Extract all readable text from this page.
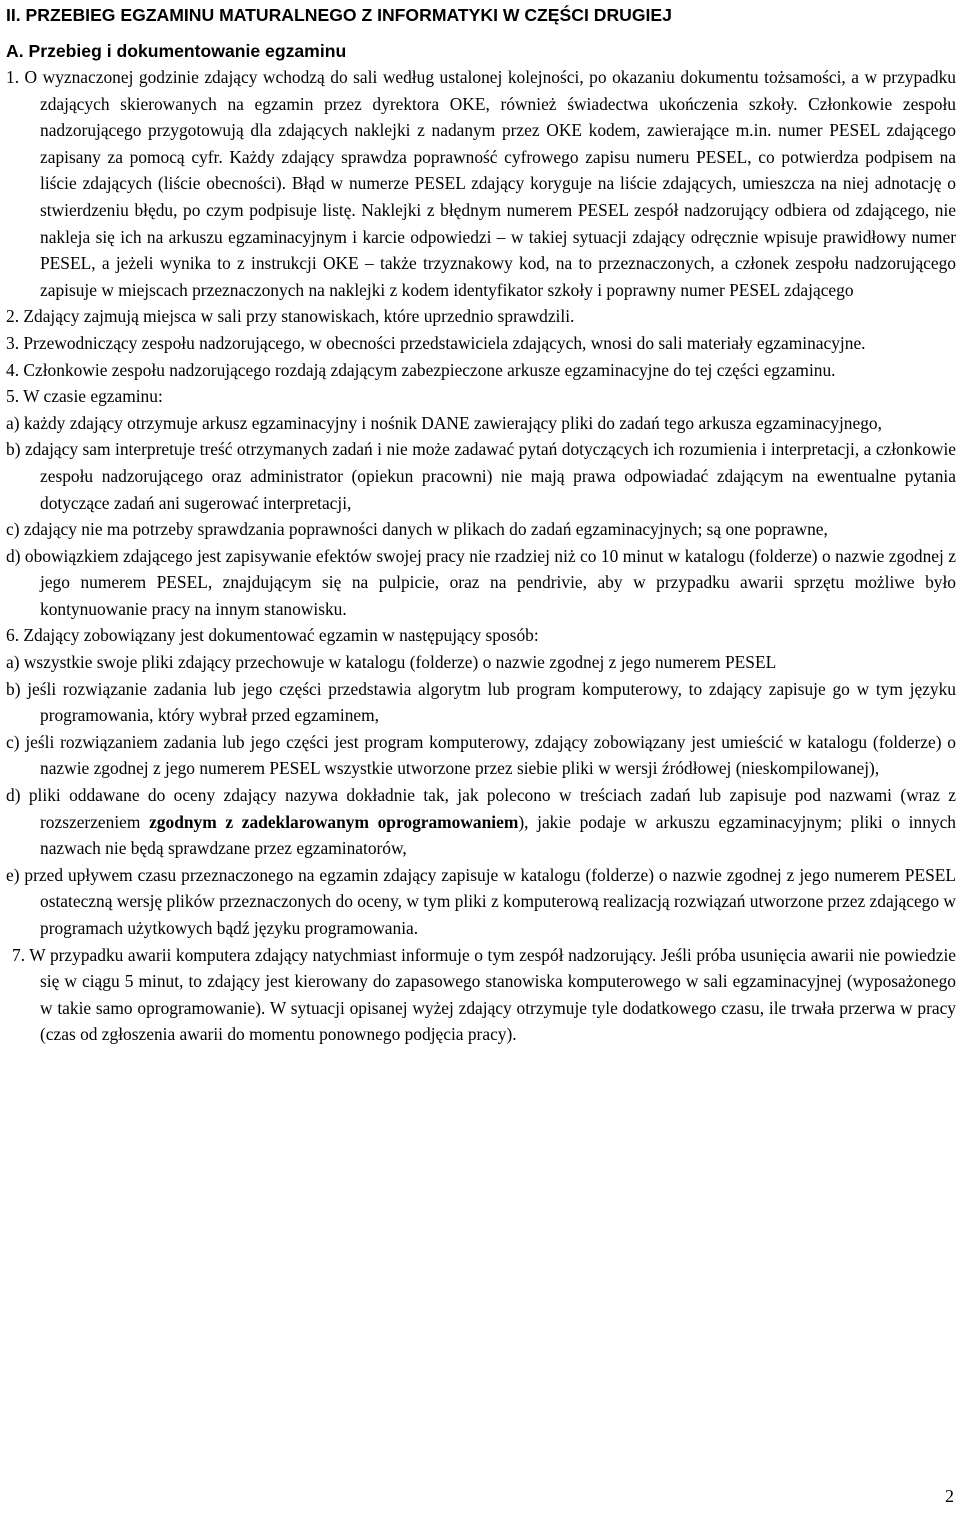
II. PRZEBIEG EGZAMINU MATURALNEGO Z INFORMATYKI W CZĘŚCI DRUGIEJ

A. Przebieg i dokumentowanie egzaminu

1. O wyznaczonej godzinie zdający wchodzą do sali według ustalonej kolejności, po okazaniu dokumentu tożsamości, a w przypadku zdających skierowanych na egzamin przez dyrektora OKE, również świadectwa ukończenia szkoły. Członkowie zespołu nadzorującego przygotowują dla zdających naklejki z nadanym przez OKE kodem, zawierające m.in. numer PESEL zdającego zapisany za pomocą cyfr. Każdy zdający sprawdza poprawność cyfrowego zapisu numeru PESEL, co potwierdza podpisem na liście zdających (liście obecności). Błąd w numerze PESEL zdający koryguje na liście zdających, umieszcza na niej adnotację o stwierdzeniu błędu, po czym podpisuje listę. Naklejki z błędnym numerem PESEL zespół nadzorujący odbiera od zdającego, nie nakleja się ich na arkuszu egzaminacyjnym i karcie odpowiedzi – w takiej sytuacji zdający odręcznie wpisuje prawidłowy numer PESEL, a jeżeli wynika to z instrukcji OKE – także trzyznakowy kod, na to przeznaczonych, a członek zespołu nadzorującego zapisuje w miejscach przeznaczonych na naklejki z kodem identyfikator szkoły i poprawny numer PESEL zdającego

2. Zdający zajmują miejsca w sali przy stanowiskach, które uprzednio sprawdzili.

3. Przewodniczący zespołu nadzorującego, w obecności przedstawiciela zdających, wnosi do sali materiały egzaminacyjne.

4. Członkowie zespołu nadzorującego rozdają zdającym zabezpieczone arkusze egzaminacyjne do tej części egzaminu.

5. W czasie egzaminu:

a) każdy zdający otrzymuje arkusz egzaminacyjny i nośnik DANE zawierający pliki do zadań tego arkusza egzaminacyjnego,

b) zdający sam interpretuje treść otrzymanych zadań i nie może zadawać pytań dotyczących ich rozumienia i interpretacji, a członkowie zespołu nadzorującego oraz administrator (opiekun pracowni) nie mają prawa odpowiadać zdającym na ewentualne pytania dotyczące zadań ani sugerować interpretacji,

c) zdający nie ma potrzeby sprawdzania poprawności danych w plikach do zadań egzaminacyjnych; są one poprawne,

d) obowiązkiem zdającego jest zapisywanie efektów swojej pracy nie rzadziej niż co 10 minut w katalogu (folderze) o nazwie zgodnej z jego numerem PESEL, znajdującym się na pulpicie, oraz na pendrivie, aby w przypadku awarii sprzętu możliwe było kontynuowanie pracy na innym stanowisku.

6. Zdający zobowiązany jest dokumentować egzamin w następujący sposób:

a) wszystkie swoje pliki zdający przechowuje w katalogu (folderze) o nazwie zgodnej z jego numerem PESEL

b) jeśli rozwiązanie zadania lub jego części przedstawia algorytm lub program komputerowy, to zdający zapisuje go w tym języku programowania, który wybrał przed egzaminem,

c) jeśli rozwiązaniem zadania lub jego części jest program komputerowy, zdający zobowiązany jest umieścić w katalogu (folderze) o nazwie zgodnej z jego numerem PESEL wszystkie utworzone przez siebie pliki w wersji źródłowej (nieskompilowanej),

d) pliki oddawane do oceny zdający nazywa dokładnie tak, jak polecono w treściach zadań lub zapisuje pod nazwami (wraz z rozszerzeniem zgodnym z zadeklarowanym oprogramowaniem), jakie podaje w arkuszu egzaminacyjnym; pliki o innych nazwach nie będą sprawdzane przez egzaminatorów,

e) przed upływem czasu przeznaczonego na egzamin zdający zapisuje w katalogu (folderze) o nazwie zgodnej z jego numerem PESEL ostateczną wersję plików przeznaczonych do oceny, w tym pliki z komputerową realizacją rozwiązań utworzone przez zdającego w programach użytkowych bądź języku programowania.

7. W przypadku awarii komputera zdający natychmiast informuje o tym zespół nadzorujący. Jeśli próba usunięcia awarii nie powiedzie się w ciągu 5 minut, to zdający jest kierowany do zapasowego stanowiska komputerowego w sali egzaminacyjnej (wyposażonego w takie samo oprogramowanie). W sytuacji opisanej wyżej zdający otrzymuje tyle dodatkowego czasu, ile trwała przerwa w pracy (czas od zgłoszenia awarii do momentu ponownego podjęcia pracy).

2
